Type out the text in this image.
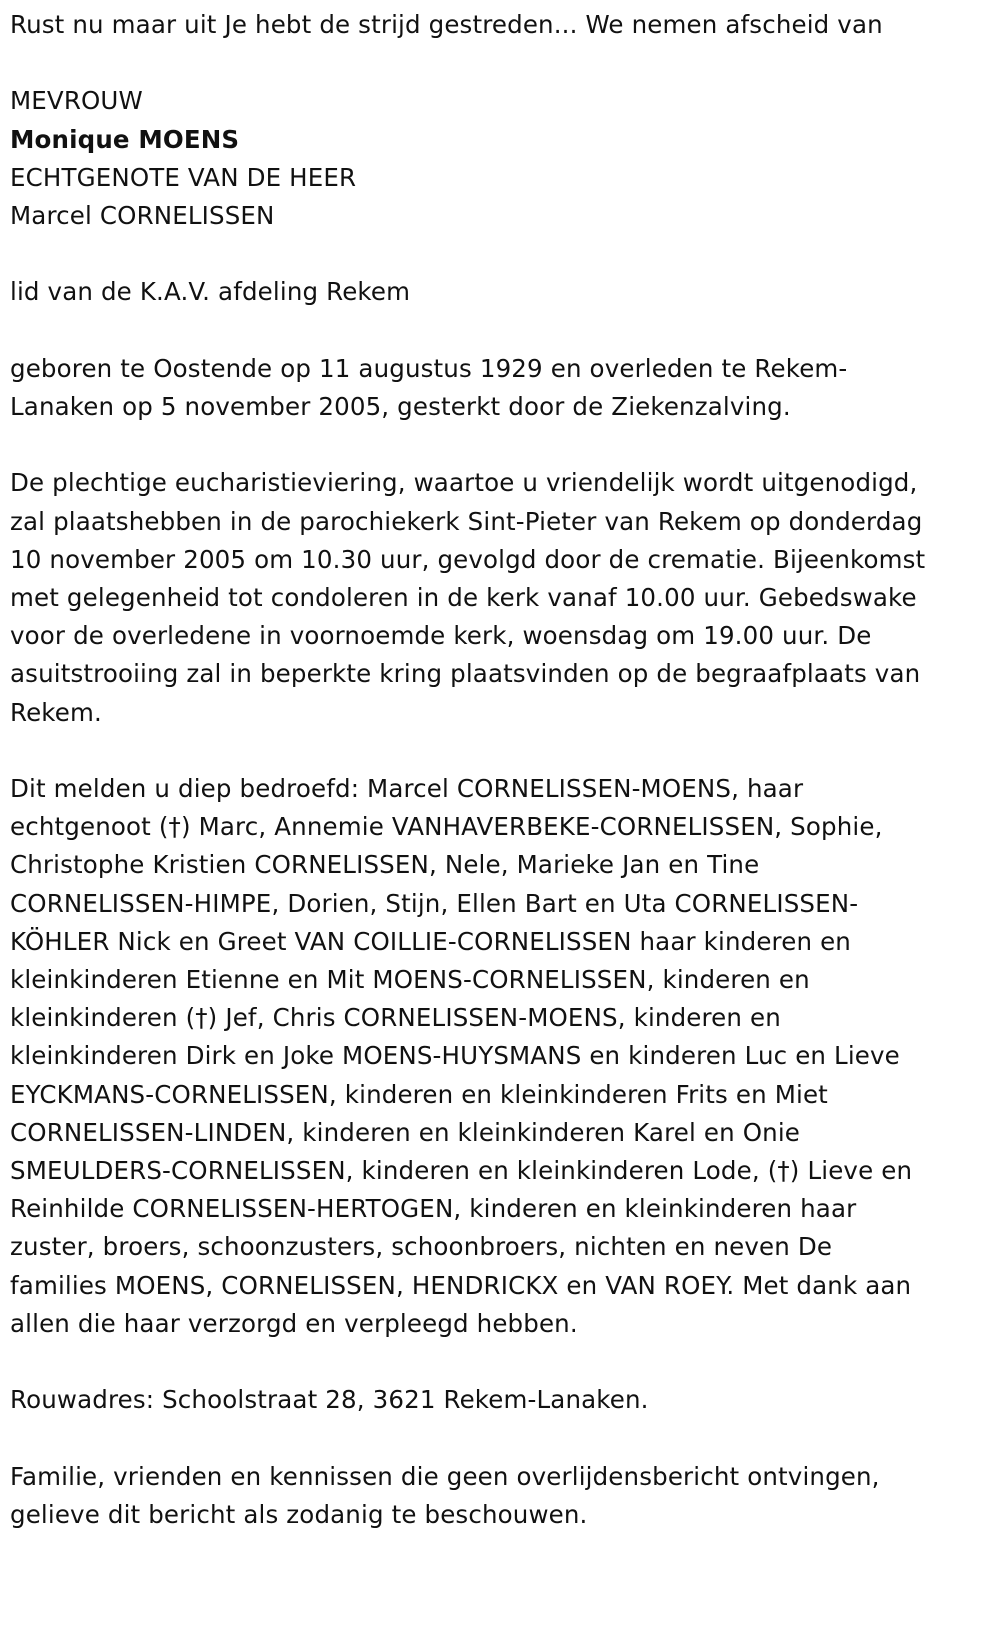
Rust nu maar uit Je hebt de strijd gestreden... We nemen afscheid van
MEVROUW
Monique MOENS
ECHTGENOTE VAN DE HEER
Marcel CORNELISSEN
lid van de K.A.V. afdeling Rekem
geboren te Oostende op 11 augustus 1929 en overleden te Rekem-
Lanaken op 5 november 2005, gesterkt door de Ziekenzalving.
De plechtige eucharistieviering, waartoe u vriendelijk wordt uitgenodigd,
zal plaatshebben in de parochiekerk Sint-Pieter van Rekem op donderdag
10 november 2005 om 10.30 uur, gevolgd door de crematie. Bijeenkomst
met gelegenheid tot condoleren in de kerk vanaf 10.00 uur. Gebedswake
voor de overledene in voornoemde kerk, woensdag om 19.00 uur. De
asuitstrooiing zal in beperkte kring plaatsvinden op de begraafplaats van
Rekem.
Dit melden u diep bedroefd: Marcel CORNELISSEN-MOENS, haar
echtgenoot (†) Marc, Annemie VANHAVERBEKE-CORNELISSEN, Sophie,
Christophe Kristien CORNELISSEN, Nele, Marieke Jan en Tine
CORNELISSEN-HIMPE, Dorien, Stijn, Ellen Bart en Uta CORNELISSEN-
KÖHLER Nick en Greet VAN COILLIE-CORNELISSEN haar kinderen en
kleinkinderen Etienne en Mit MOENS-CORNELISSEN, kinderen en
kleinkinderen (†) Jef, Chris CORNELISSEN-MOENS, kinderen en
kleinkinderen Dirk en Joke MOENS-HUYSMANS en kinderen Luc en Lieve
EYCKMANS-CORNELISSEN, kinderen en kleinkinderen Frits en Miet
CORNELISSEN-LINDEN, kinderen en kleinkinderen Karel en Onie
SMEULDERS-CORNELISSEN, kinderen en kleinkinderen Lode, (†) Lieve en
Reinhilde CORNELISSEN-HERTOGEN, kinderen en kleinkinderen haar
zuster, broers, schoonzusters, schoonbroers, nichten en neven De
families MOENS, CORNELISSEN, HENDRICKX en VAN ROEY. Met dank aan
allen die haar verzorgd en verpleegd hebben.
Rouwadres: Schoolstraat 28, 3621 Rekem-Lanaken.
Familie, vrienden en kennissen die geen overlijdensbericht ontvingen,
gelieve dit bericht als zodanig te beschouwen.
